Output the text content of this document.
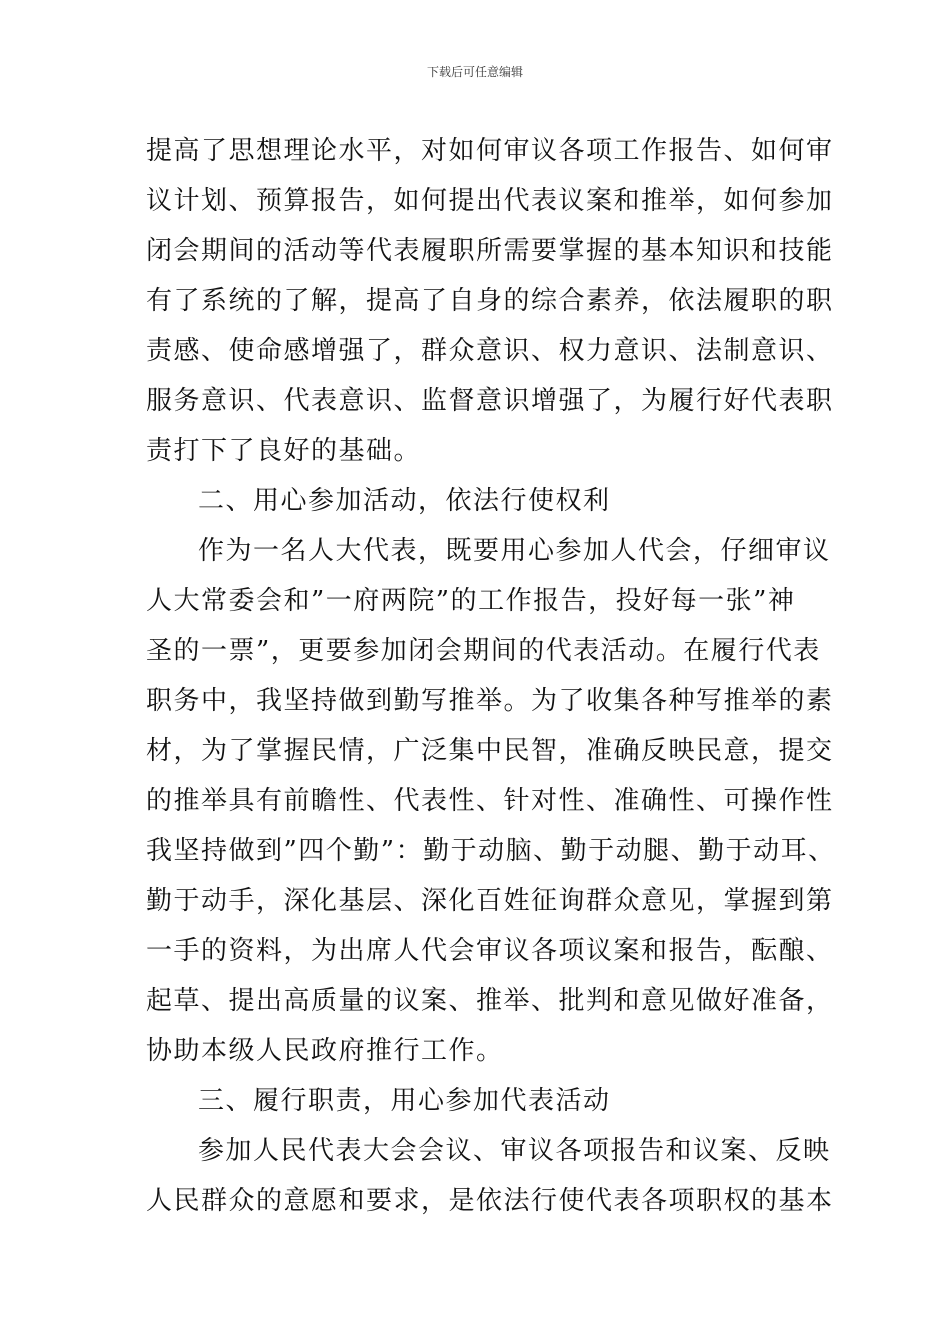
下载后可任意编辑
提高了思想理论水平，对如何审议各项工作报告、如何审
议计划、预算报告，如何提出代表议案和推举，如何参加
闭会期间的活动等代表履职所需要掌握的基本知识和技能
有了系统的了解，提高了自身的综合素养，依法履职的职
责感、使命感增强了，群众意识、权力意识、法制意识、
服务意识、代表意识、监督意识增强了，为履行好代表职
责打下了良好的基础。
二、用心参加活动，依法行使权利
作为一名人大代表，既要用心参加人代会，仔细审议
人大常委会和”一府两院”的工作报告，投好每一张”神
圣的一票”，更要参加闭会期间的代表活动。在履行代表
职务中，我坚持做到勤写推举。为了收集各种写推举的素
材，为了掌握民情，广泛集中民智，准确反映民意，提交
的推举具有前瞻性、代表性、针对性、准确性、可操作性
我坚持做到”四个勤”：勤于动脑、勤于动腿、勤于动耳、
勤于动手，深化基层、深化百姓征询群众意见，掌握到第
一手的资料，为出席人代会审议各项议案和报告，酝酿、
起草、提出高质量的议案、推举、批判和意见做好准备，
协助本级人民政府推行工作。
三、履行职责，用心参加代表活动
参加人民代表大会会议、审议各项报告和议案、反映
人民群众的意愿和要求，是依法行使代表各项职权的基本
